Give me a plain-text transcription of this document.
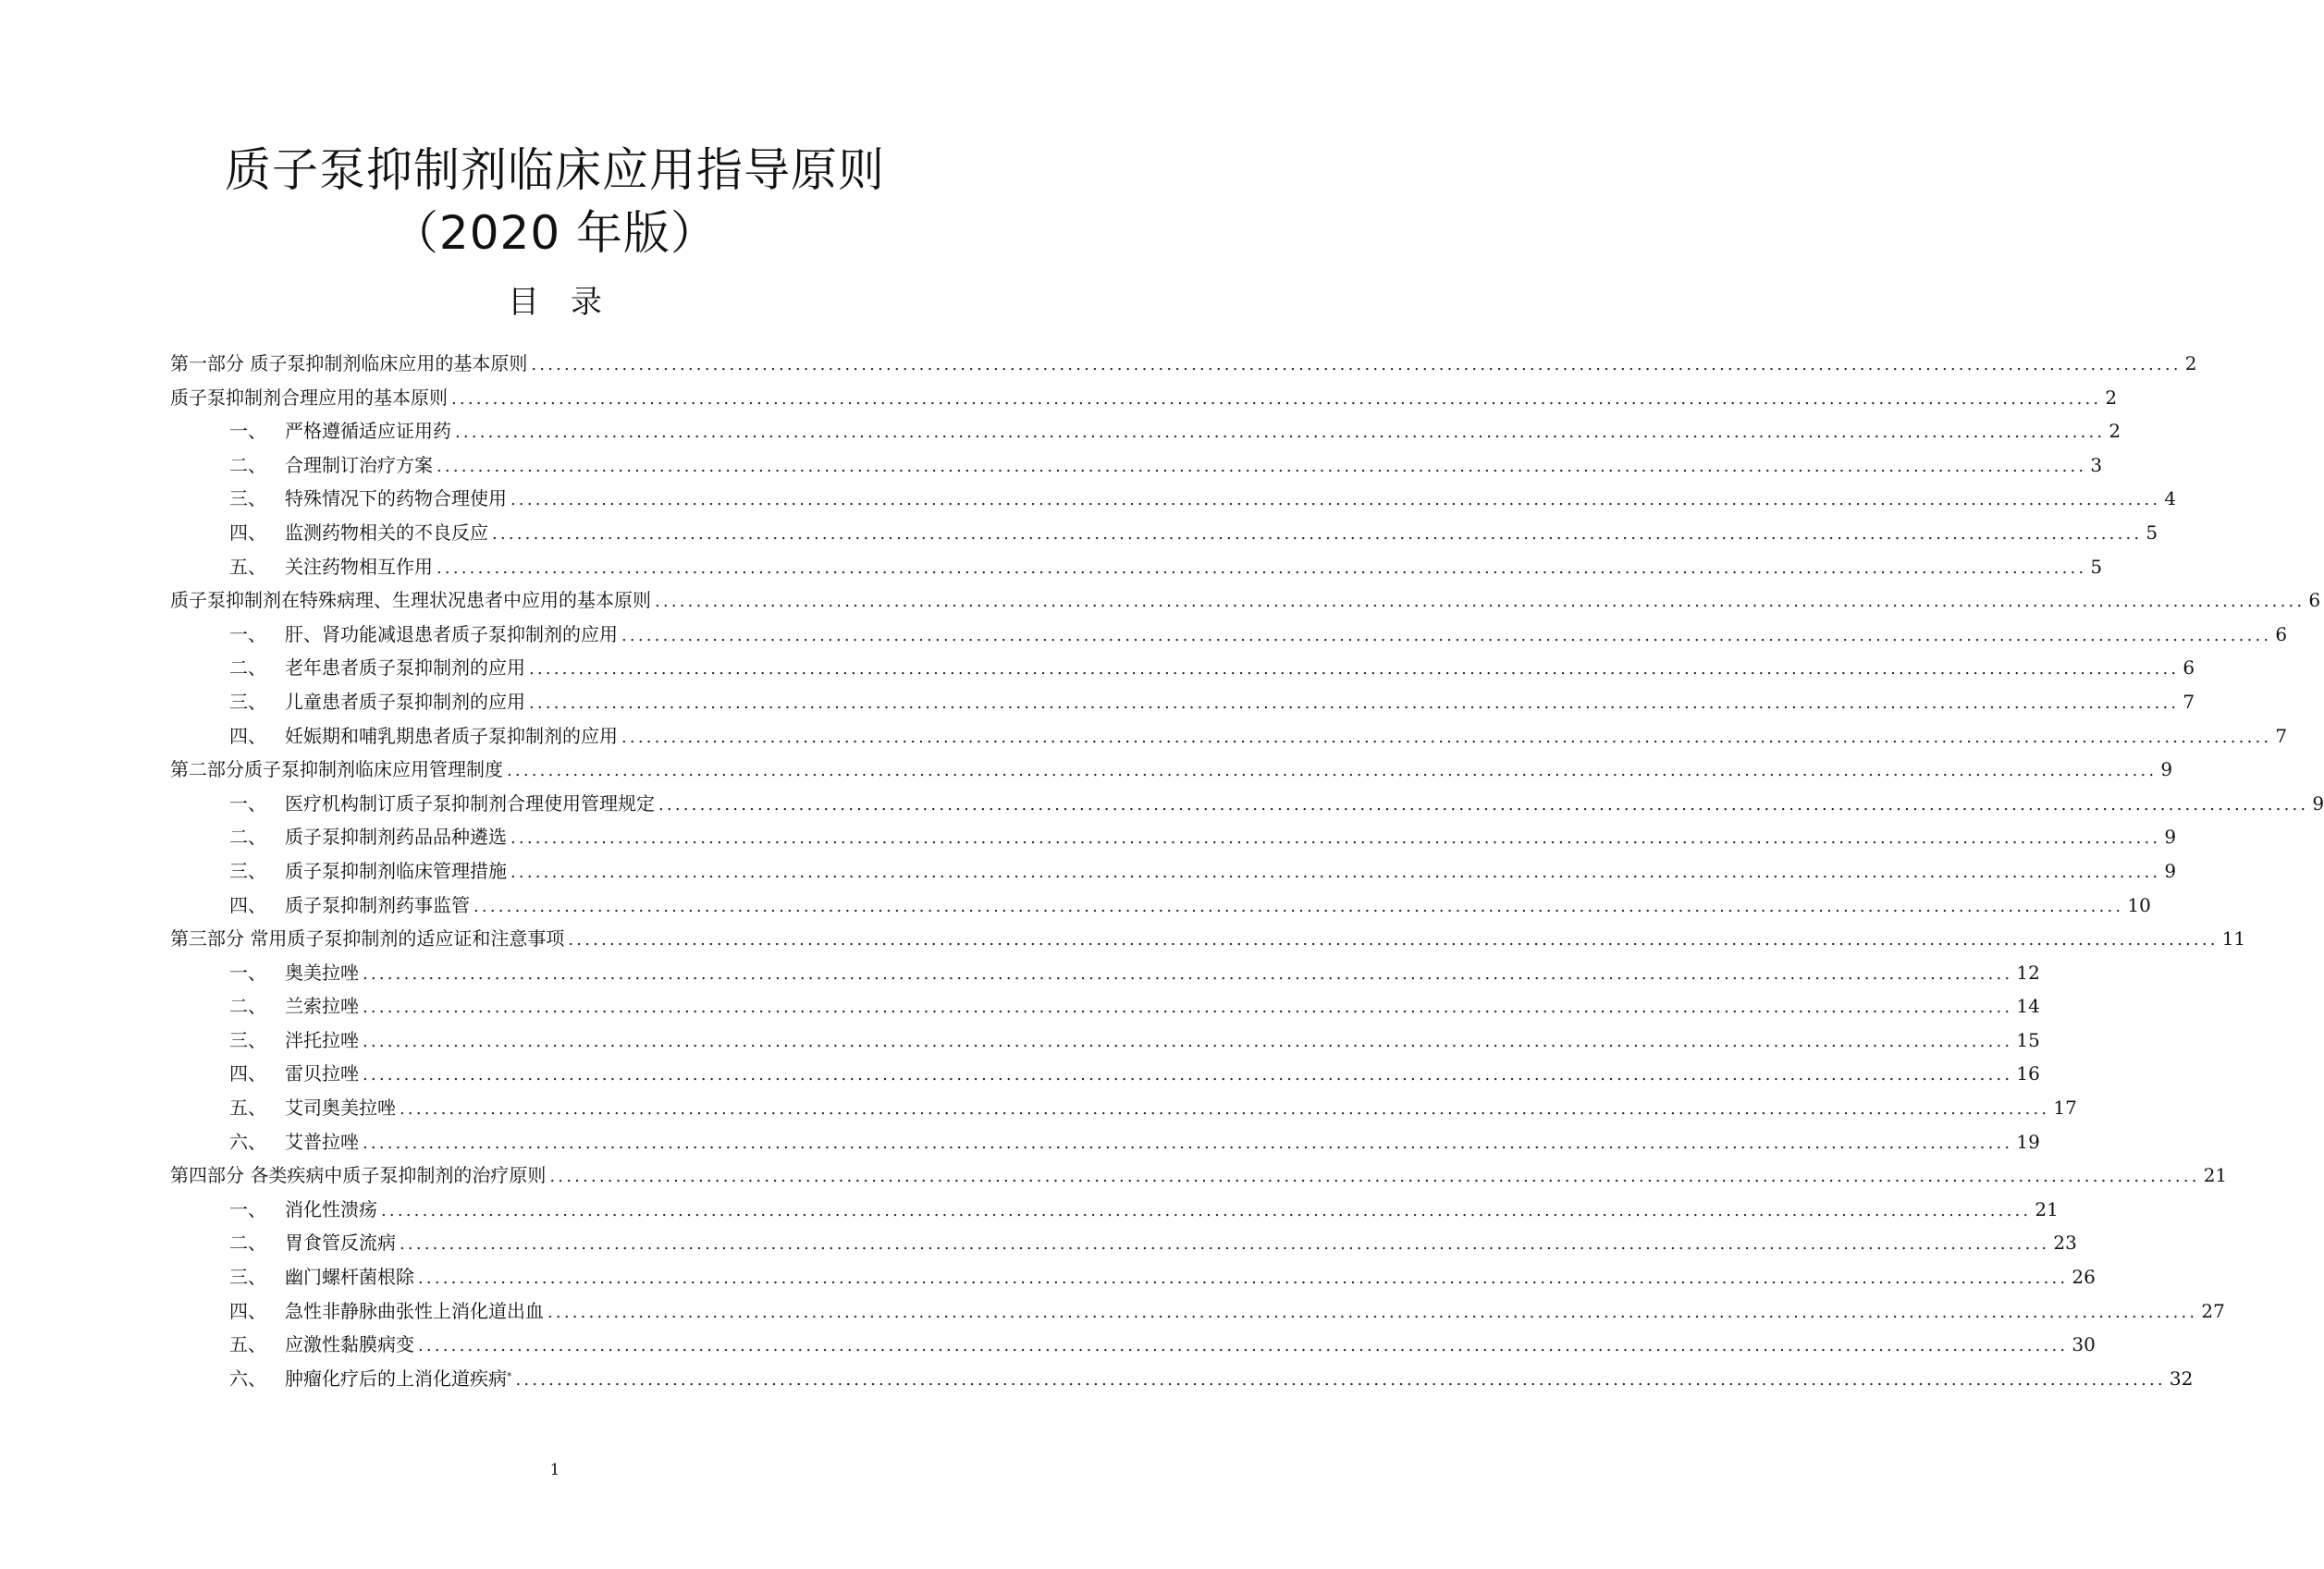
质子泵抑制剂临床应用指导原则
（2020 年版）
目　录
第一部分 质子泵抑制剂临床应用的基本原则 ........................................................................................................................................................................................................ 2
质子泵抑制剂合理应用的基本原则 ........................................................................................................................................................................................................ 2
一、 严格遵循适应证用药 ........................................................................................................................................................................................................ 2
二、 合理制订治疗方案 ........................................................................................................................................................................................................ 3
三、 特殊情况下的药物合理使用 ........................................................................................................................................................................................................ 4
四、 监测药物相关的不良反应 ........................................................................................................................................................................................................ 5
五、 关注药物相互作用 ........................................................................................................................................................................................................ 5
质子泵抑制剂在特殊病理、生理状况患者中应用的基本原则 ........................................................................................................................................................................................................ 6
一、 肝、肾功能减退患者质子泵抑制剂的应用 ........................................................................................................................................................................................................ 6
二、 老年患者质子泵抑制剂的应用 ........................................................................................................................................................................................................ 6
三、 儿童患者质子泵抑制剂的应用 ........................................................................................................................................................................................................ 7
四、 妊娠期和哺乳期患者质子泵抑制剂的应用 ........................................................................................................................................................................................................ 7
第二部分质子泵抑制剂临床应用管理制度 ........................................................................................................................................................................................................ 9
一、 医疗机构制订质子泵抑制剂合理使用管理规定 ........................................................................................................................................................................................................ 9
二、 质子泵抑制剂药品品种遴选 ........................................................................................................................................................................................................ 9
三、 质子泵抑制剂临床管理措施 ........................................................................................................................................................................................................ 9
四、 质子泵抑制剂药事监管 ........................................................................................................................................................................................................ 10
第三部分 常用质子泵抑制剂的适应证和注意事项 ........................................................................................................................................................................................................ 11
一、 奥美拉唑 ........................................................................................................................................................................................................ 12
二、 兰索拉唑 ........................................................................................................................................................................................................ 14
三、 泮托拉唑 ........................................................................................................................................................................................................ 15
四、 雷贝拉唑 ........................................................................................................................................................................................................ 16
五、 艾司奥美拉唑 ........................................................................................................................................................................................................ 17
六、 艾普拉唑 ........................................................................................................................................................................................................ 19
第四部分 各类疾病中质子泵抑制剂的治疗原则 ........................................................................................................................................................................................................ 21
一、 消化性溃疡 ........................................................................................................................................................................................................ 21
二、 胃食管反流病 ........................................................................................................................................................................................................ 23
三、 幽门螺杆菌根除 ........................................................................................................................................................................................................ 26
四、 急性非静脉曲张性上消化道出血 ........................................................................................................................................................................................................ 27
五、 应激性黏膜病变 ........................................................................................................................................................................................................ 30
六、 肿瘤化疗后的上消化道疾病* ........................................................................................................................................................................................................ 32
1
